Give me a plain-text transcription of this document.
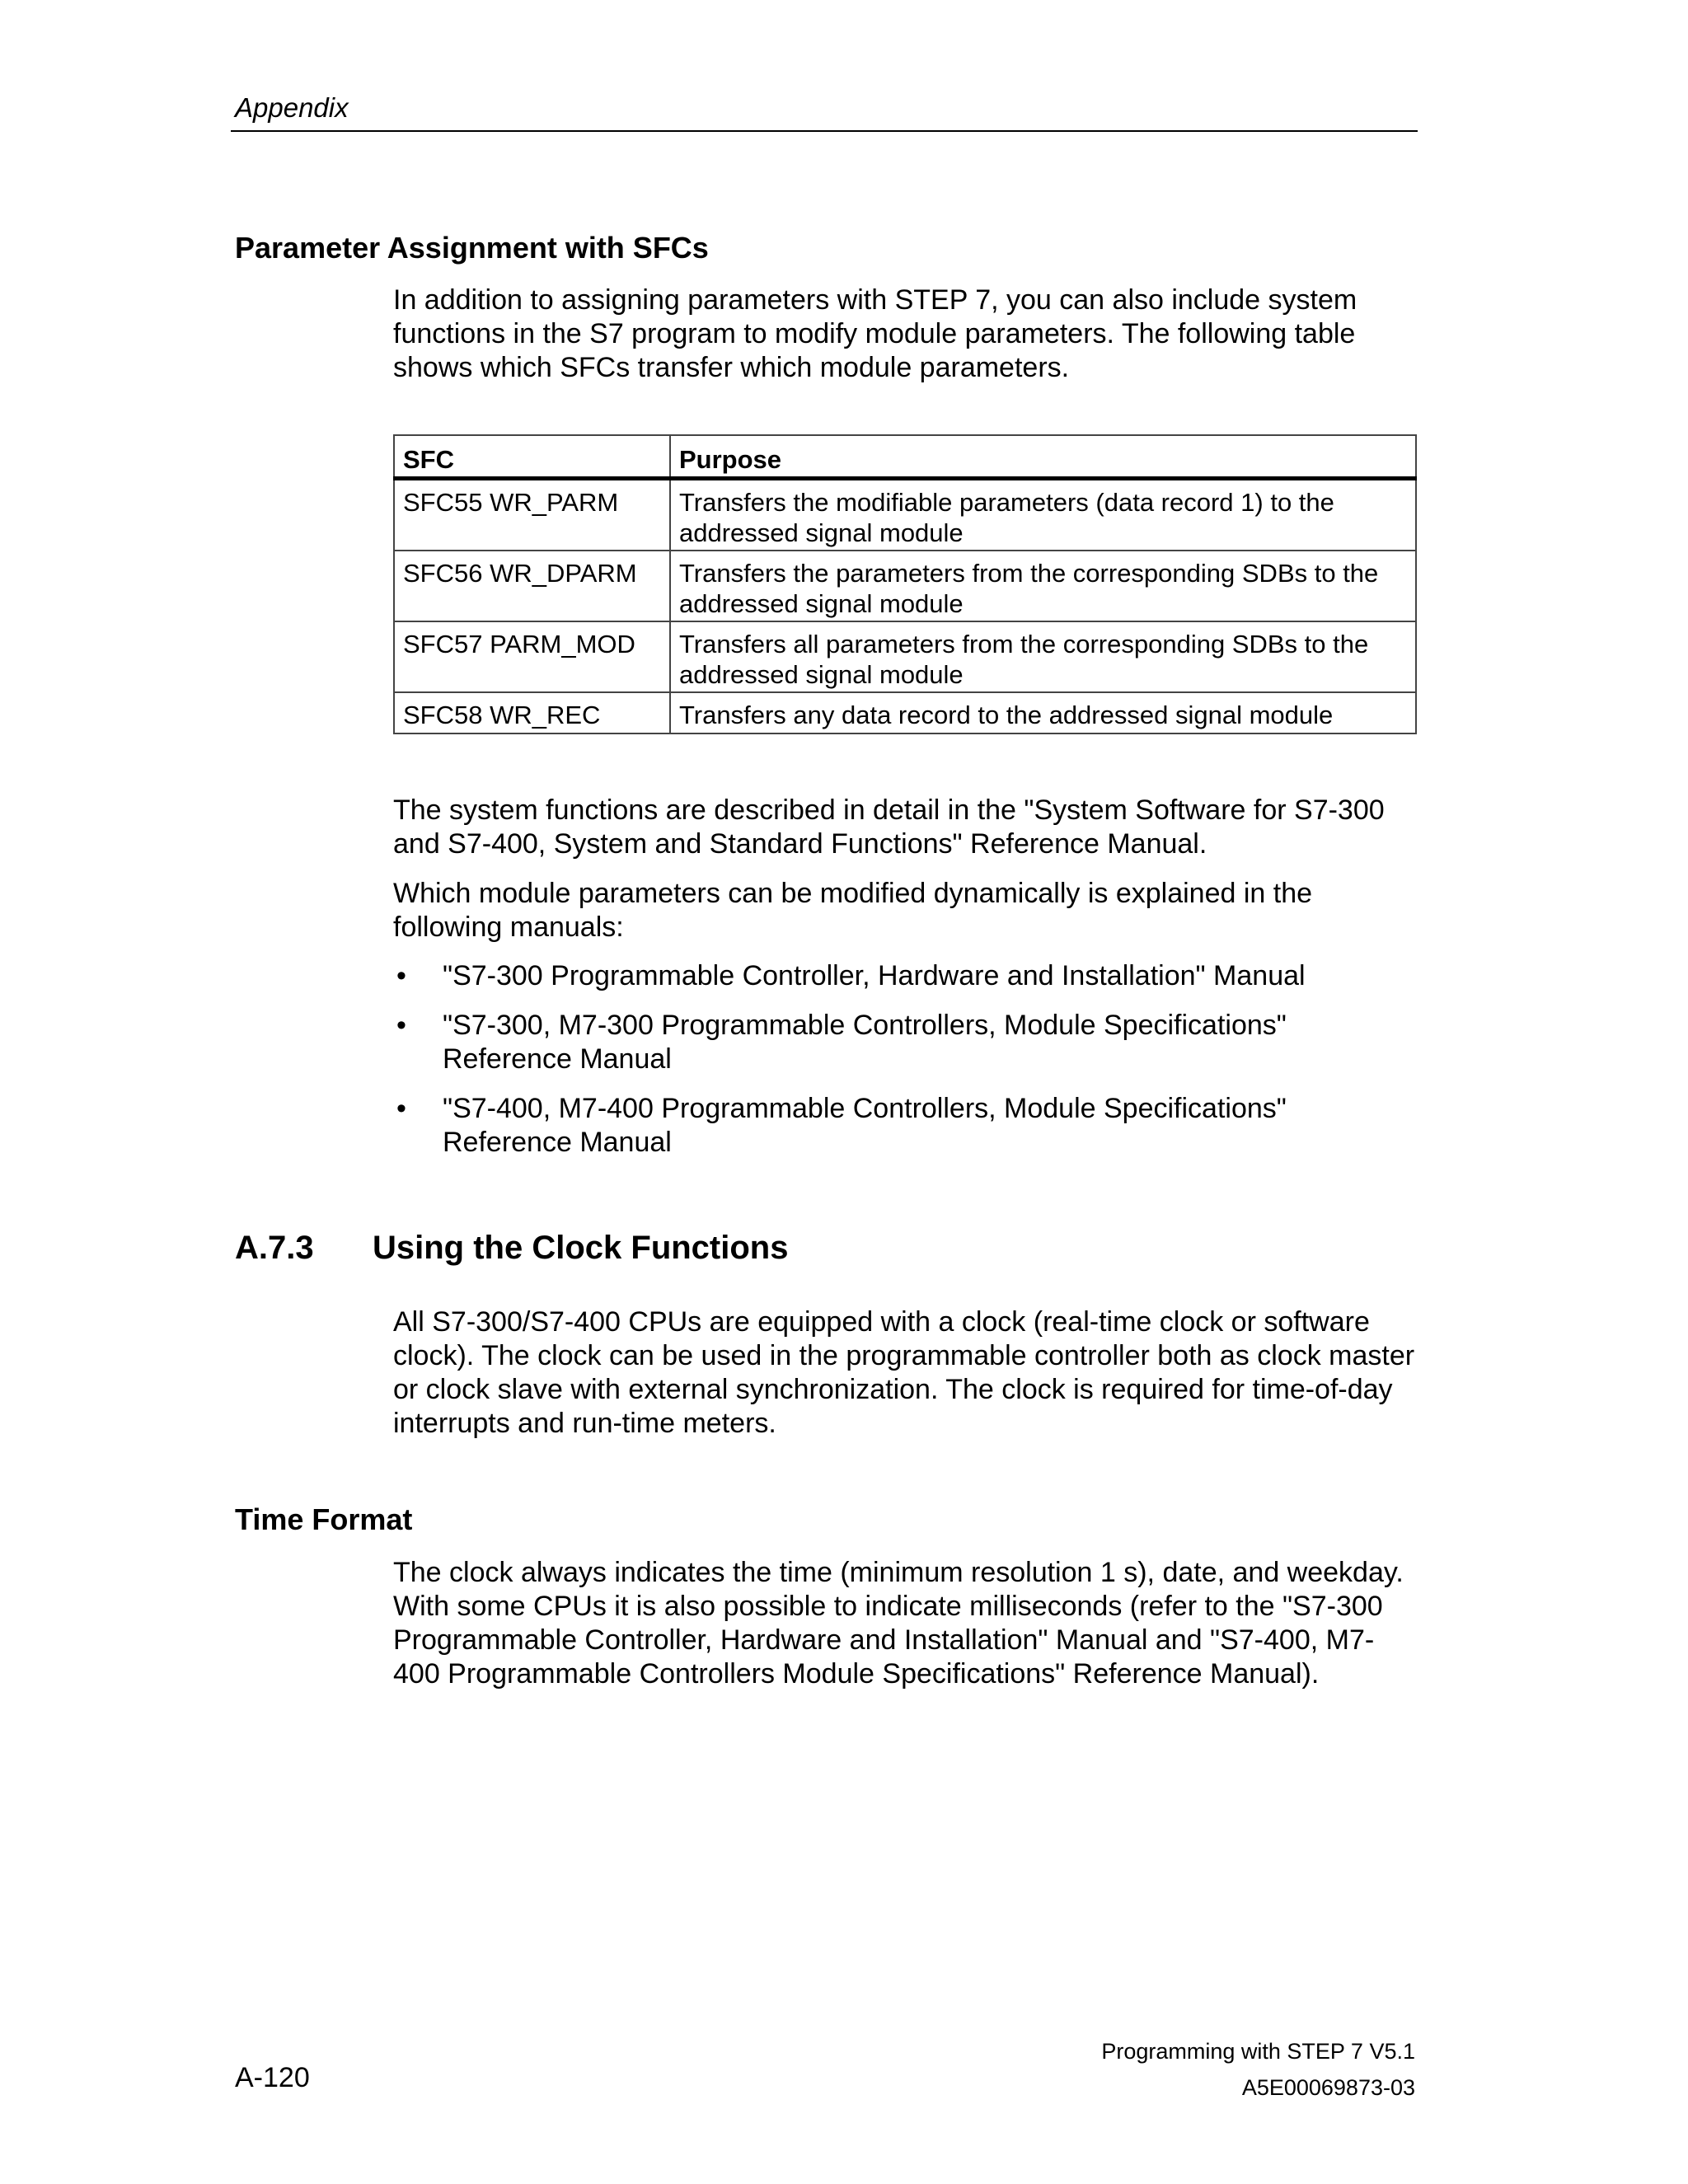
Appendix
Parameter Assignment with SFCs
In addition to assigning parameters with STEP 7, you can also include system functions in the S7 program to modify module parameters. The following table shows which SFCs transfer which module parameters.
SFC	Purpose
SFC55 WR_PARM	Transfers the modifiable parameters (data record 1) to the addressed signal module
SFC56 WR_DPARM	Transfers the parameters from the corresponding SDBs to the addressed signal module
SFC57 PARM_MOD	Transfers all parameters from the corresponding SDBs to the addressed signal module
SFC58 WR_REC	Transfers any data record to the addressed signal module
The system functions are described in detail in the "System Software for S7-300 and S7-400, System and Standard Functions" Reference Manual.
Which module parameters can be modified dynamically is explained in the following manuals:
• "S7-300 Programmable Controller, Hardware and Installation" Manual
• "S7-300, M7-300 Programmable Controllers, Module Specifications" Reference Manual
• "S7-400, M7-400 Programmable Controllers, Module Specifications" Reference Manual
A.7.3 Using the Clock Functions
All S7-300/S7-400 CPUs are equipped with a clock (real-time clock or software clock). The clock can be used in the programmable controller both as clock master or clock slave with external synchronization. The clock is required for time-of-day interrupts and run-time meters.
Time Format
The clock always indicates the time (minimum resolution 1 s), date, and weekday. With some CPUs it is also possible to indicate milliseconds (refer to the "S7-300 Programmable Controller, Hardware and Installation" Manual and "S7-400, M7-400 Programmable Controllers Module Specifications" Reference Manual).
Programming with STEP 7 V5.1
A5E00069873-03
A-120
